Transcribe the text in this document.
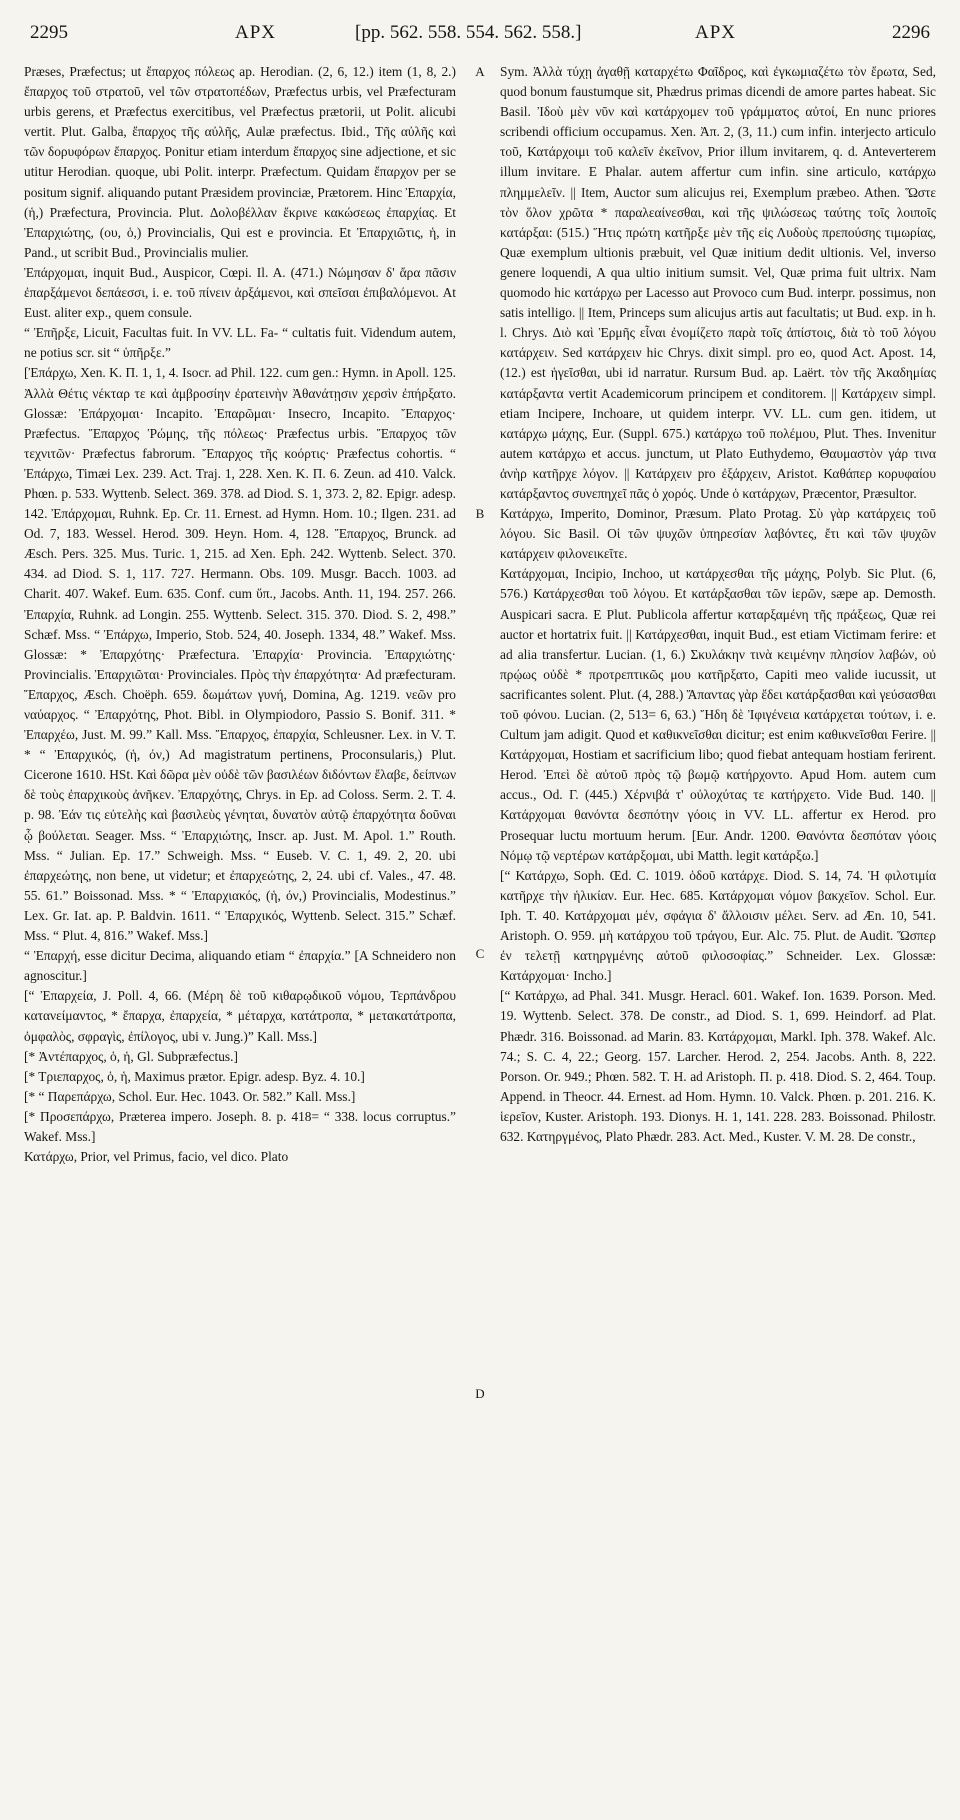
2295	ΑΡΧ	[pp. 562. 558. 554. 562. 558.]	ΑΡΧ	2296
A
B
C
D

Præses, Præfectus; ut ἔπαρχος πόλεως ap. Herodian. (2, 6, 12.) item (1, 8, 2.) ἔπαρχος τοῦ στρατοῦ, vel τῶν στρατοπέδων, Præfectus urbis, vel Præfecturam urbis gerens, et Præfectus exercitibus, vel Præfectus prætorii, ut Polit. alicubi vertit. Plut. Galba, ἔπαρχος τῆς αὐλῆς, Aulæ præfectus. Ibid., Τῆς αὐλῆς καὶ τῶν δορυφόρων ἔπαρχος. Ponitur etiam interdum ἔπαρχος sine adjectione, et sic utitur Herodian. quoque, ubi Polit. interpr. Præfectum. Quidam ἔπαρχον per se positum signif. aliquando putant Præsidem provinciæ, Prætorem. Hinc Ἐπαρχία, (ἡ,) Præfectura, Provincia. Plut. Δολοβέλλαν ἔκρινε κακώσεως ἐπαρχίας. Et Ἐπαρχιώτης, (ου, ὁ,) Provincialis, Qui est e provincia. Et Ἐπαρχιῶτις, ἡ, in Pand., ut scribit Bud., Provincialis mulier.

Ἐπάρχομαι, inquit Bud., Auspicor, Cœpi. Il. A. (471.) Νώμησαν δ' ἄρα πᾶσιν ἐπαρξάμενοι δεπάεσσι, i. e. τοῦ πίνειν ἀρξάμενοι, καὶ σπεῖσαι ἐπιβαλόμενοι. At Eust. aliter exp., quem consule.

“ Ἐπῆρξε, Licuit, Facultas fuit. In VV. LL. Fa- “ cultatis fuit. Videndum autem, ne potius scr. sit “ ὑπῆρξε.”

[Ἐπάρχω, Xen. K. Π. 1, 1, 4. Isocr. ad Phil. 122. cum gen.: Hymn. in Apoll. 125. Ἀλλὰ Θέτις νέκταρ τε καὶ ἀμβροσίην ἐρατεινὴν Ἀθανάτῃσιν χερσὶν ἐπήρξατο. Glossæ: Ἐπάρχομαι· Incapito. Ἐπαρῶμαι· Insecro, Incapito. Ἔπαρχος· Præfectus. Ἔπαρχος Ῥώμης, τῆς πόλεως· Præfectus urbis. Ἔπαρχος τῶν τεχνιτῶν· Præfectus fabrorum. Ἔπαρχος τῆς κοόρτις· Præfectus cohortis. “ Ἐπάρχω, Timæi Lex. 239. Act. Traj. 1, 228. Xen. K. Π. 6. Zeun. ad 410. Valck. Phœn. p. 533. Wyttenb. Select. 369. 378. ad Diod. S. 1, 373. 2, 82. Epigr. adesp. 142. Ἐπάρχομαι, Ruhnk. Ep. Cr. 11. Ernest. ad Hymn. Hom. 10.; Ilgen. 231. ad Od. 7, 183. Wessel. Herod. 309. Heyn. Hom. 4, 128. Ἔπαρχος, Brunck. ad Æsch. Pers. 325. Mus. Turic. 1, 215. ad Xen. Eph. 242. Wyttenb. Select. 370. 434. ad Diod. S. 1, 117. 727. Hermann. Obs. 109. Musgr. Bacch. 1003. ad Charit. 407. Wakef. Eum. 635. Conf. cum ὕπ., Jacobs. Anth. 11, 194. 257. 266. Ἐπαρχία, Ruhnk. ad Longin. 255. Wyttenb. Select. 315. 370. Diod. S. 2, 498.” Schæf. Mss. “ Ἐπάρχω, Imperio, Stob. 524, 40. Joseph. 1334, 48.” Wakef. Mss. Glossæ: * Ἐπαρχότης· Præfectura. Ἐπαρχία· Provincia. Ἐπαρχιώτης· Provincialis. Ἐπαρχιῶται· Provinciales. Πρὸς τὴν ἐπαρχότητα· Ad præfecturam. Ἔπαρχος, Æsch. Choëph. 659. δωμάτων γυνή, Domina, Ag. 1219. νεῶν pro ναύαρχος. “ Ἐπαρχότης, Phot. Bibl. in Olympiodoro, Passio S. Bonif. 311. * Ἐπαρχέω, Just. M. 99.” Kall. Mss. Ἔπαρχος, ἐπαρχία, Schleusner. Lex. in V. T. * “ Ἐπαρχικός, (ἡ, όν,) Ad magistratum pertinens, Proconsularis,) Plut. Cicerone 1610. HSt. Καὶ δῶρα μὲν οὐδὲ τῶν βασιλέων διδόντων ἔλαβε, δείπνων δὲ τοὺς ἐπαρχικοὺς ἀνῆκεν. Ἐπαρχότης, Chrys. in Ep. ad Coloss. Serm. 2. T. 4. p. 98. Ἐάν τις εὐτελὴς καὶ βασιλεὺς γένηται, δυνατὸν αὐτῷ ἐπαρχότητα δοῦναι ᾧ βούλεται. Seager. Mss. “ Ἐπαρχιώτης, Inscr. ap. Just. M. Apol. 1.” Routh. Mss. “ Julian. Ep. 17.” Schweigh. Mss. “ Euseb. V. C. 1, 49. 2, 20. ubi ἐπαρχεώτης, non bene, ut videtur; et ἐπαρχεώτης, 2, 24. ubi cf. Vales., 47. 48. 55. 61.” Boissonad. Mss. * “ Ἐπαρχιακός, (ἡ, όν,) Provincialis, Modestinus.” Lex. Gr. Iat. ap. P. Baldvin. 1611. “ Ἐπαρχικός, Wyttenb. Select. 315.” Schæf. Mss. “ Plut. 4, 816.” Wakef. Mss.]

“ Ἐπαρχή, esse dicitur Decima, aliquando etiam “ ἐπαρχία.” [A Schneidero non agnoscitur.]

[“ Ἐπαρχεία, J. Poll. 4, 66. (Μέρη δὲ τοῦ κιθαρῳδικοῦ νόμου, Τερπάνδρου κατανείμαντος, * ἔπαρχα, ἐπαρχεία, * μέταρχα, κατάτροπα, * μετακατάτροπα, ὀμφαλὸς, σφραγὶς, ἐπίλογος, ubi v. Jung.)” Kall. Mss.]

[* Ἀντέπαρχος, ὁ, ἡ, Gl. Subpræfectus.]

[* Τριεπαρχος, ὁ, ἡ, Maximus prætor. Epigr. adesp. Byz. 4. 10.]

[* “ Παρεπάρχω, Schol. Eur. Hec. 1043. Or. 582.” Kall. Mss.]

[* Προσεπάρχω, Præterea impero. Joseph. 8. p. 418= “ 338. locus corruptus.” Wakef. Mss.]

Κατάρχω, Prior, vel Primus, facio, vel dico. Plato

Sym. Ἀλλὰ τύχῃ ἀγαθῇ καταρχέτω Φαῖδρος, καὶ ἐγκωμιαζέτω τὸν ἔρωτα, Sed, quod bonum faustumque sit, Phædrus primas dicendi de amore partes habeat. Sic Basil. Ἰδοὺ μὲν νῦν καὶ κατάρχομεν τοῦ γράμματος αὐτοί, En nunc priores scribendi officium occupamus. Xen. Ἀπ. 2, (3, 11.) cum infin. interjecto articulo τοῦ, Κατάρχοιμι τοῦ καλεῖν ἐκεῖνον, Prior illum invitarem, q. d. Anteverterem illum invitare. E Phalar. autem affertur cum infin. sine articulo, κατάρχω πλημμελεῖν. || Item, Auctor sum alicujus rei, Exemplum præbeo. Athen. Ὥστε τὸν ὅλον χρῶτα * παραλεαίνεσθαι, καὶ τῆς ψιλώσεως ταύτης τοῖς λοιποῖς κατάρξαι: (515.) Ἥτις πρώτη κατῆρξε μὲν τῆς εἰς Λυδοὺς πρεπούσης τιμωρίας, Quæ exemplum ultionis præbuit, vel Quæ initium dedit ultionis. Vel, inverso genere loquendi, A qua ultio initium sumsit. Vel, Quæ prima fuit ultrix. Nam quomodo hic κατάρχω per Lacesso aut Provoco cum Bud. interpr. possimus, non satis intelligo. || Item, Princeps sum alicujus artis aut facultatis; ut Bud. exp. in h. l. Chrys. Διὸ καὶ Ἑρμῆς εἶναι ἐνομίζετο παρὰ τοῖς ἀπίστοις, διὰ τὸ τοῦ λόγου κατάρχειν. Sed κατάρχειν hic Chrys. dixit simpl. pro eo, quod Act. Apost. 14, (12.) est ἡγεῖσθαι, ubi id narratur. Rursum Bud. ap. Laërt. τὸν τῆς Ἀκαδημίας κατάρξαντα vertit Academicorum principem et conditorem. || Κατάρχειν simpl. etiam Incipere, Inchoare, ut quidem interpr. VV. LL. cum gen. itidem, ut κατάρχω μάχης, Eur. (Suppl. 675.) κατάρχω τοῦ πολέμου, Plut. Thes. Invenitur autem κατάρχω et accus. junctum, ut Plato Euthydemo, Θαυμαστὸν γάρ τινα ἀνὴρ κατῆρχε λόγον. || Κατάρχειν pro ἐξάρχειν, Aristot. Καθάπερ κορυφαίου κατάρξαντος συνεπηχεῖ πᾶς ὁ χορός. Unde ὁ κατάρχων, Præcentor, Præsultor.

Κατάρχω, Imperito, Dominor, Præsum. Plato Protag. Σὺ γὰρ κατάρχεις τοῦ λόγου. Sic Basil. Οἱ τῶν ψυχῶν ὑπηρεσίαν λαβόντες, ἔτι καὶ τῶν ψυχῶν κατάρχειν φιλονεικεῖτε.

Κατάρχομαι, Incipio, Inchoo, ut κατάρχεσθαι τῆς μάχης, Polyb. Sic Plut. (6, 576.) Κατάρχεσθαι τοῦ λόγου. Et κατάρξασθαι τῶν ἱερῶν, sæpe ap. Demosth. Auspicari sacra. E Plut. Publicola affertur καταρξαμένη τῆς πράξεως, Quæ rei auctor et hortatrix fuit. || Κατάρχεσθαι, inquit Bud., est etiam Victimam ferire: et ad alia transfertur. Lucian. (1, 6.) Σκυλάκην τινὰ κειμένην πλησίον λαβών, οὐ πρῴως οὐδὲ * προτρεπτικῶς μου κατῆρξατο, Capiti meo valide iucussit, ut sacrificantes solent. Plut. (4, 288.) Ἅπαντας γὰρ ἔδει κατάρξασθαι καὶ γεύσασθαι τοῦ φόνου. Lucian. (2, 513= 6, 63.) Ἤδη δὲ Ἰφιγένεια κατάρχεται τούτων, i. e. Cultum jam adigit. Quod et καθικνεῖσθαι dicitur; est enim καθικνεῖσθαι Ferire. || Κατάρχομαι, Hostiam et sacrificium libo; quod fiebat antequam hostiam ferirent. Herod. Ἐπεὶ δὲ αὐτοῦ πρὸς τῷ βωμῷ κατήρχοντο. Apud Hom. autem cum accus., Od. Γ. (445.) Χέρνιβά τ' οὐλοχύτας τε κατήρχετο. Vide Bud. 140. || Κατάρχομαι θανόντα δεσπότην γόοις in VV. LL. affertur ex Herod. pro Prosequar luctu mortuum herum. [Eur. Andr. 1200. Θανόντα δεσπόταν γόοις Νόμῳ τῷ νερτέρων κατάρξομαι, ubi Matth. legit κατάρξω.]

[“ Κατάρχω, Soph. Œd. C. 1019. ὁδοῦ κατάρχε. Diod. S. 14, 74. Ἡ φιλοτιμία κατῆρχε τὴν ἡλικίαν. Eur. Hec. 685. Κατάρχομαι νόμον βακχεῖον. Schol. Eur. Iph. T. 40. Κατάρχομαι μέν, σφάγια δ' ἄλλοισιν μέλει. Serv. ad Æn. 10, 541. Aristoph. O. 959. μὴ κατάρχου τοῦ τράγου, Eur. Alc. 75. Plut. de Audit. Ὥσπερ ἐν τελετῇ κατηργμένης αὐτοῦ φιλοσοφίας.” Schneider. Lex. Glossæ: Κατάρχομαι· Incho.]

[“ Κατάρχω, ad Phal. 341. Musgr. Heracl. 601. Wakef. Ion. 1639. Porson. Med. 19. Wyttenb. Select. 378. De constr., ad Diod. S. 1, 699. Heindorf. ad Plat. Phædr. 316. Boissonad. ad Marin. 83. Κατάρχομαι, Markl. Iph. 378. Wakef. Alc. 74.; S. C. 4, 22.; Georg. 157. Larcher. Herod. 2, 254. Jacobs. Anth. 8, 222. Porson. Or. 949.; Phœn. 582. T. H. ad Aristoph. Π. p. 418. Diod. S. 2, 464. Toup. Append. in Theocr. 44. Ernest. ad Hom. Hymn. 10. Valck. Phœn. p. 201. 216. K. ἱερεῖον, Kuster. Aristoph. 193. Dionys. H. 1, 141. 228. 283. Boissonad. Philostr. 632. Κατηργμένος, Plato Phædr. 283. Act. Med., Kuster. V. M. 28. De constr.,
